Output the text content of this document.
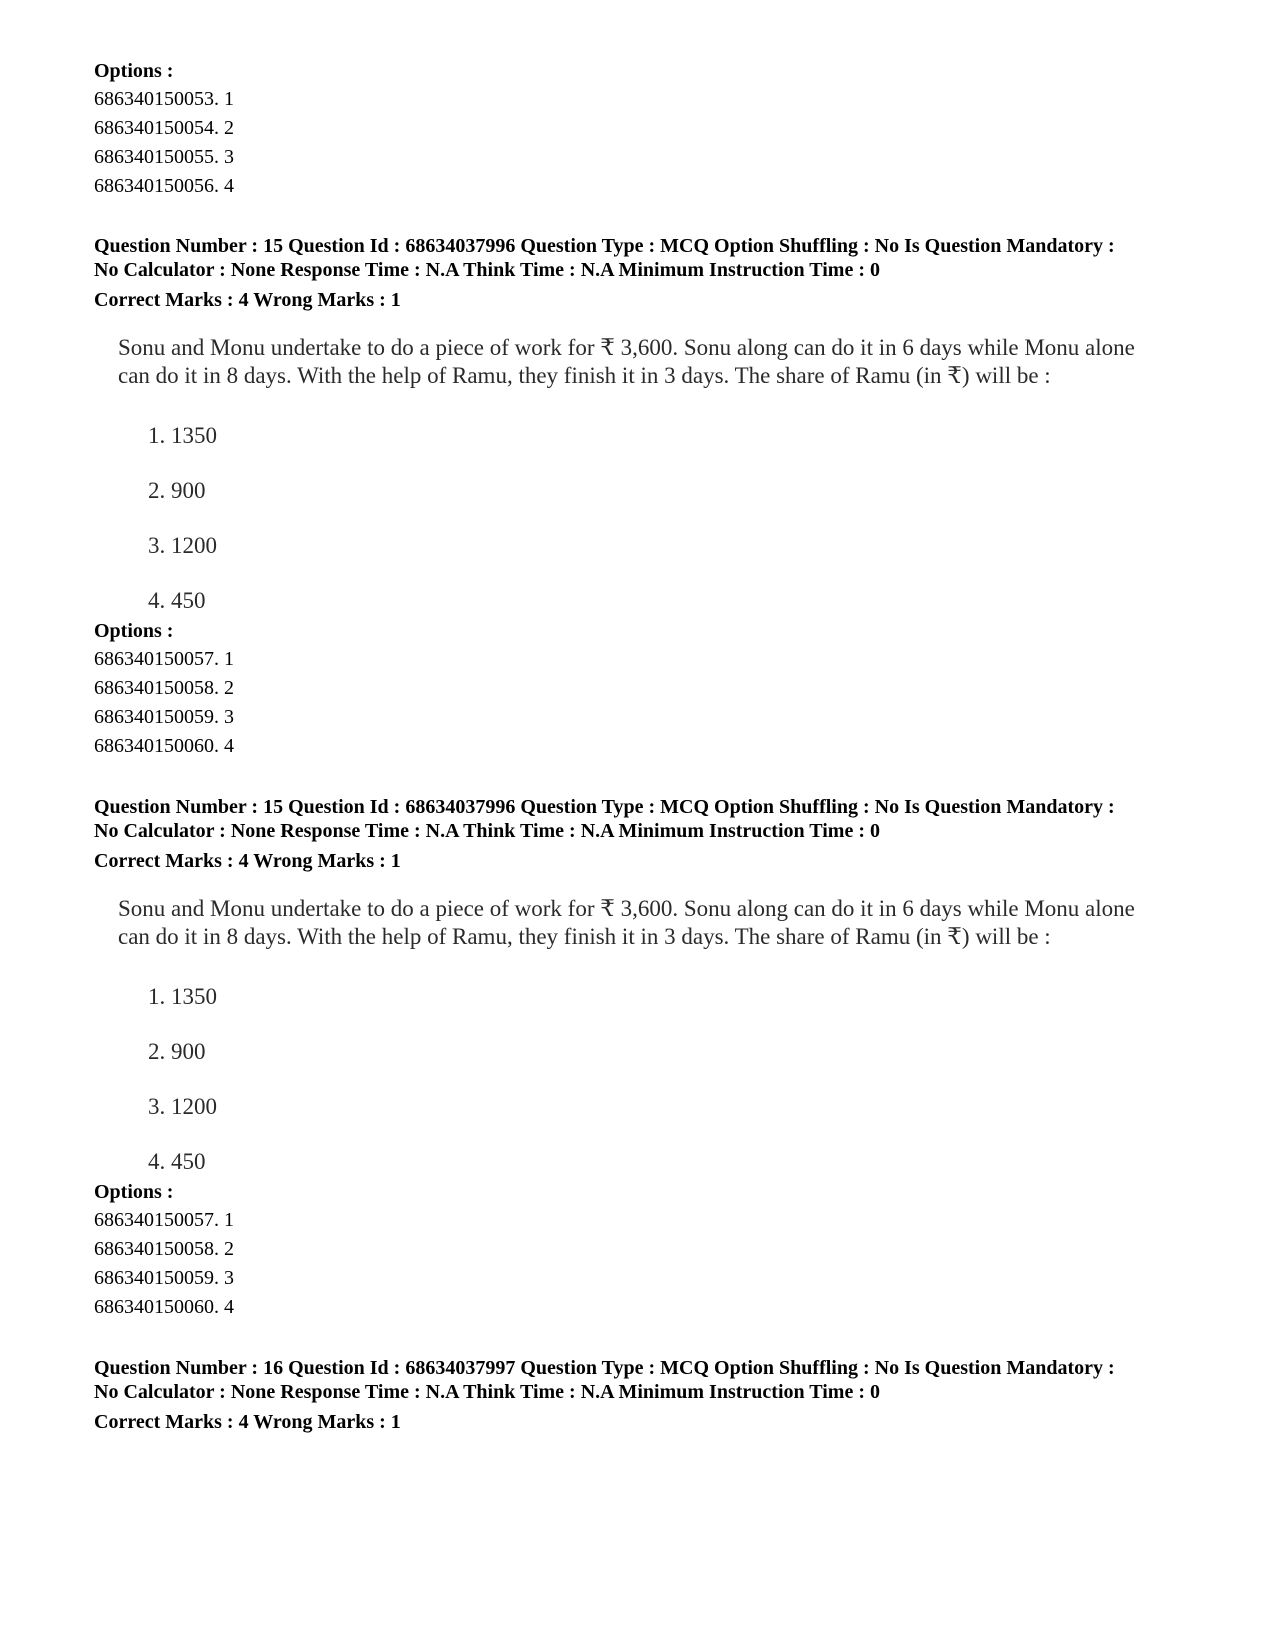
Options :
686340150053. 1
686340150054. 2
686340150055. 3
686340150056. 4
Question Number : 15 Question Id : 68634037996 Question Type : MCQ Option Shuffling : No Is Question Mandatory :
No Calculator : None Response Time : N.A Think Time : N.A Minimum Instruction Time : 0
Correct Marks : 4 Wrong Marks : 1

Sonu and Monu undertake to do a piece of work for ₹ 3,600. Sonu along can do it in 6 days while Monu alone

can do it in 8 days. With the help of Ramu, they finish it in 3 days. The share of Ramu (in ₹) will be :

1. 1350
2. 900
3. 1200
4. 450
Options :
686340150057. 1
686340150058. 2
686340150059. 3
686340150060. 4
Question Number : 15 Question Id : 68634037996 Question Type : MCQ Option Shuffling : No Is Question Mandatory :
No Calculator : None Response Time : N.A Think Time : N.A Minimum Instruction Time : 0
Correct Marks : 4 Wrong Marks : 1

Sonu and Monu undertake to do a piece of work for ₹ 3,600. Sonu along can do it in 6 days while Monu alone

can do it in 8 days. With the help of Ramu, they finish it in 3 days. The share of Ramu (in ₹) will be :

1. 1350
2. 900
3. 1200
4. 450
Options :
686340150057. 1
686340150058. 2
686340150059. 3
686340150060. 4
Question Number : 16 Question Id : 68634037997 Question Type : MCQ Option Shuffling : No Is Question Mandatory :
No Calculator : None Response Time : N.A Think Time : N.A Minimum Instruction Time : 0
Correct Marks : 4 Wrong Marks : 1
